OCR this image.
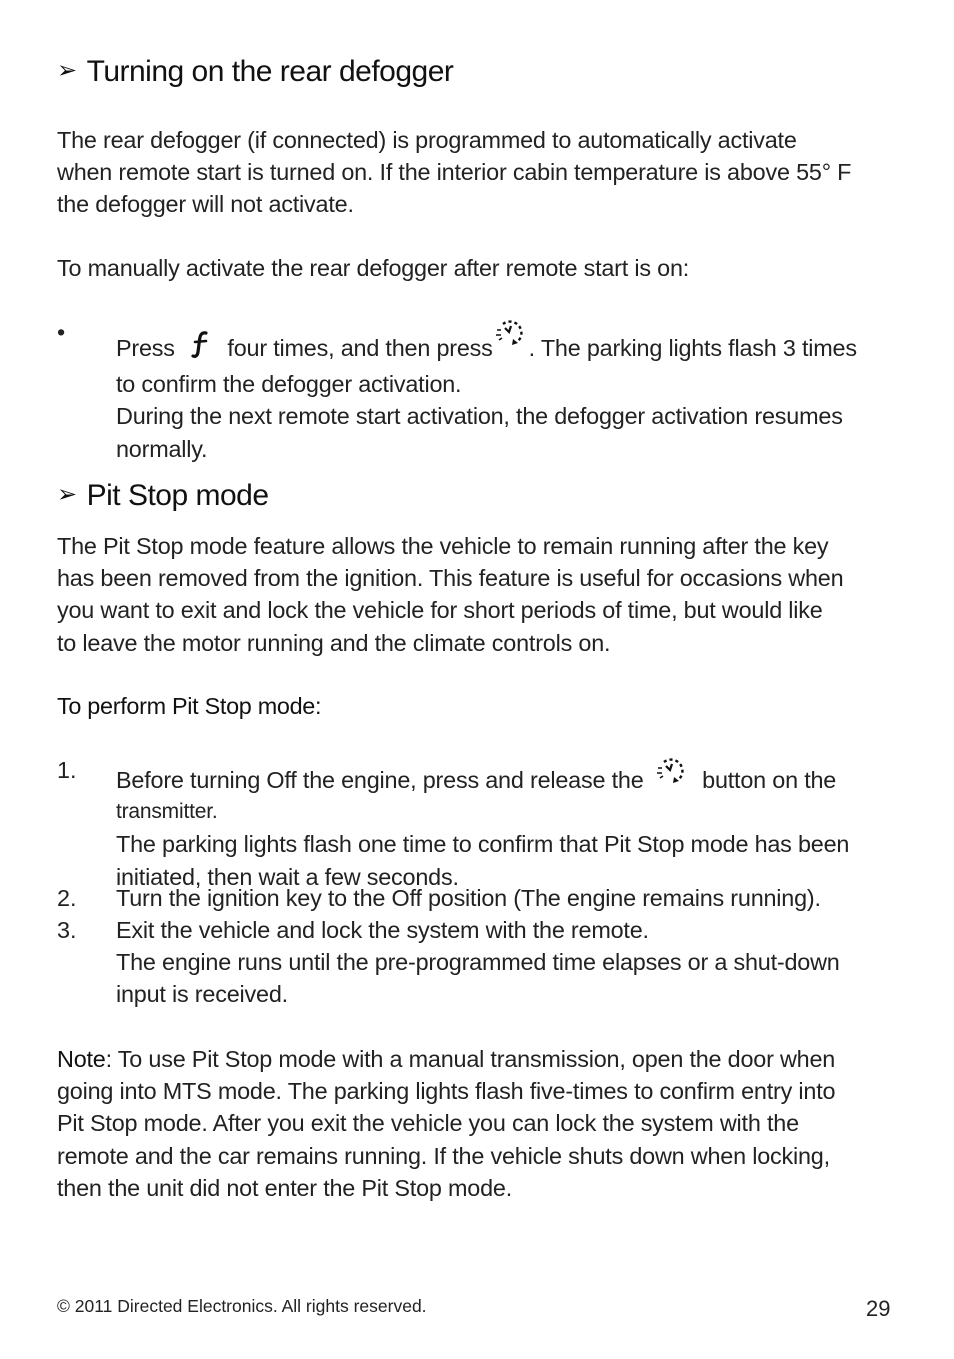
➢ Turning on the rear defogger
The rear defogger (if connected) is programmed to automatically activate
when remote start is turned on. If the interior cabin temperature is above 55° F
the defogger will not activate.
To manually activate the rear defogger after remote start is on:
•
Press four times, and then press . The parking lights flash 3 times
to confirm the defogger activation.
During the next remote start activation, the defogger activation resumes
normally.
➢ Pit Stop mode
The Pit Stop mode feature allows the vehicle to remain running after the key
has been removed from the ignition. This feature is useful for occasions when
you want to exit and lock the vehicle for short periods of time, but would like
to leave the motor running and the climate controls on.
To perform Pit Stop mode:
1. Before turning Off the engine, press and release the	button on the
transmitter.
The parking lights flash one time to confirm that Pit Stop mode has been
initiated, then wait a few seconds.
2. Turn the ignition key to the Off position (The engine remains running).
3. Exit the vehicle and lock the system with the remote.
The engine runs until the pre-programmed time elapses or a shut-down
input is received.
Note: To use Pit Stop mode with a manual transmission, open the door when
going into MTS mode. The parking lights flash five-times to confirm entry into
Pit Stop mode. After you exit the vehicle you can lock the system with the
remote and the car remains running. If the vehicle shuts down when locking,
then the unit did not enter the Pit Stop mode.
© 2011 Directed Electronics. All rights reserved.	29
